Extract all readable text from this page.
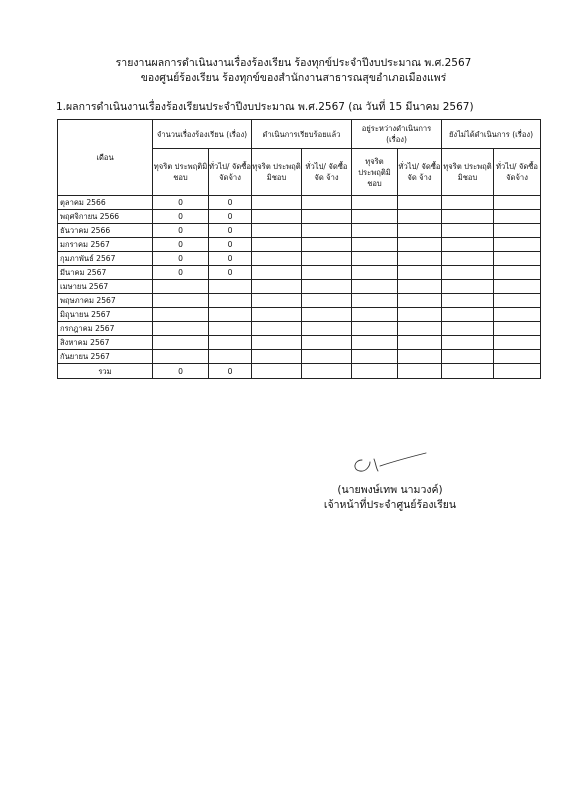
รายงานผลการดำเนินงานเรื่องร้องเรียน ร้องทุกข์ประจำปีงบประมาณ พ.ศ.2567
ของศูนย์ร้องเรียน ร้องทุกข์ของสำนักงานสาธารณสุขอำเภอเมืองแพร่
1.ผลการดำเนินงานเรื่องร้องเรียนประจำปีงบประมาณ พ.ศ.2567 (ณ วันที่ 15 มีนาคม 2567)
เดือน	จำนวนเรื่องร้องเรียน (เรื่อง)		ดำเนินการเรียบร้อยแล้ว		อยู่ระหว่างดำเนินการ (เรื่อง)		ยังไม่ได้ดำเนินการ (เรื่อง)	
	ทุจริต ประพฤติมิชอบ	ทั่วไป/ จัดซื้อจัดจ้าง	ทุจริต ประพฤติมิชอบ	ทั่วไป/ จัดซื้อจัด จ้าง	ทุจริต ประพฤติมิชอบ	ทั่วไป/ จัดซื้อจัด จ้าง	ทุจริต ประพฤติมิชอบ	ทั่วไป/ จัดซื้อ จัดจ้าง
ตุลาคม 2566	0	0						
พฤศจิกายน 2566	0	0						
ธันวาคม 2566	0	0						
มกราคม 2567	0	0						
กุมภาพันธ์ 2567	0	0						
มีนาคม 2567	0	0						
เมษายน 2567								
พฤษภาคม 2567								
มิถุนายน 2567								
กรกฎาคม 2567								
สิงหาคม 2567								
กันยายน 2567								
รวม	0	0						
(นายพงษ์เทพ นามวงค์)
เจ้าหน้าที่ประจำศูนย์ร้องเรียน
